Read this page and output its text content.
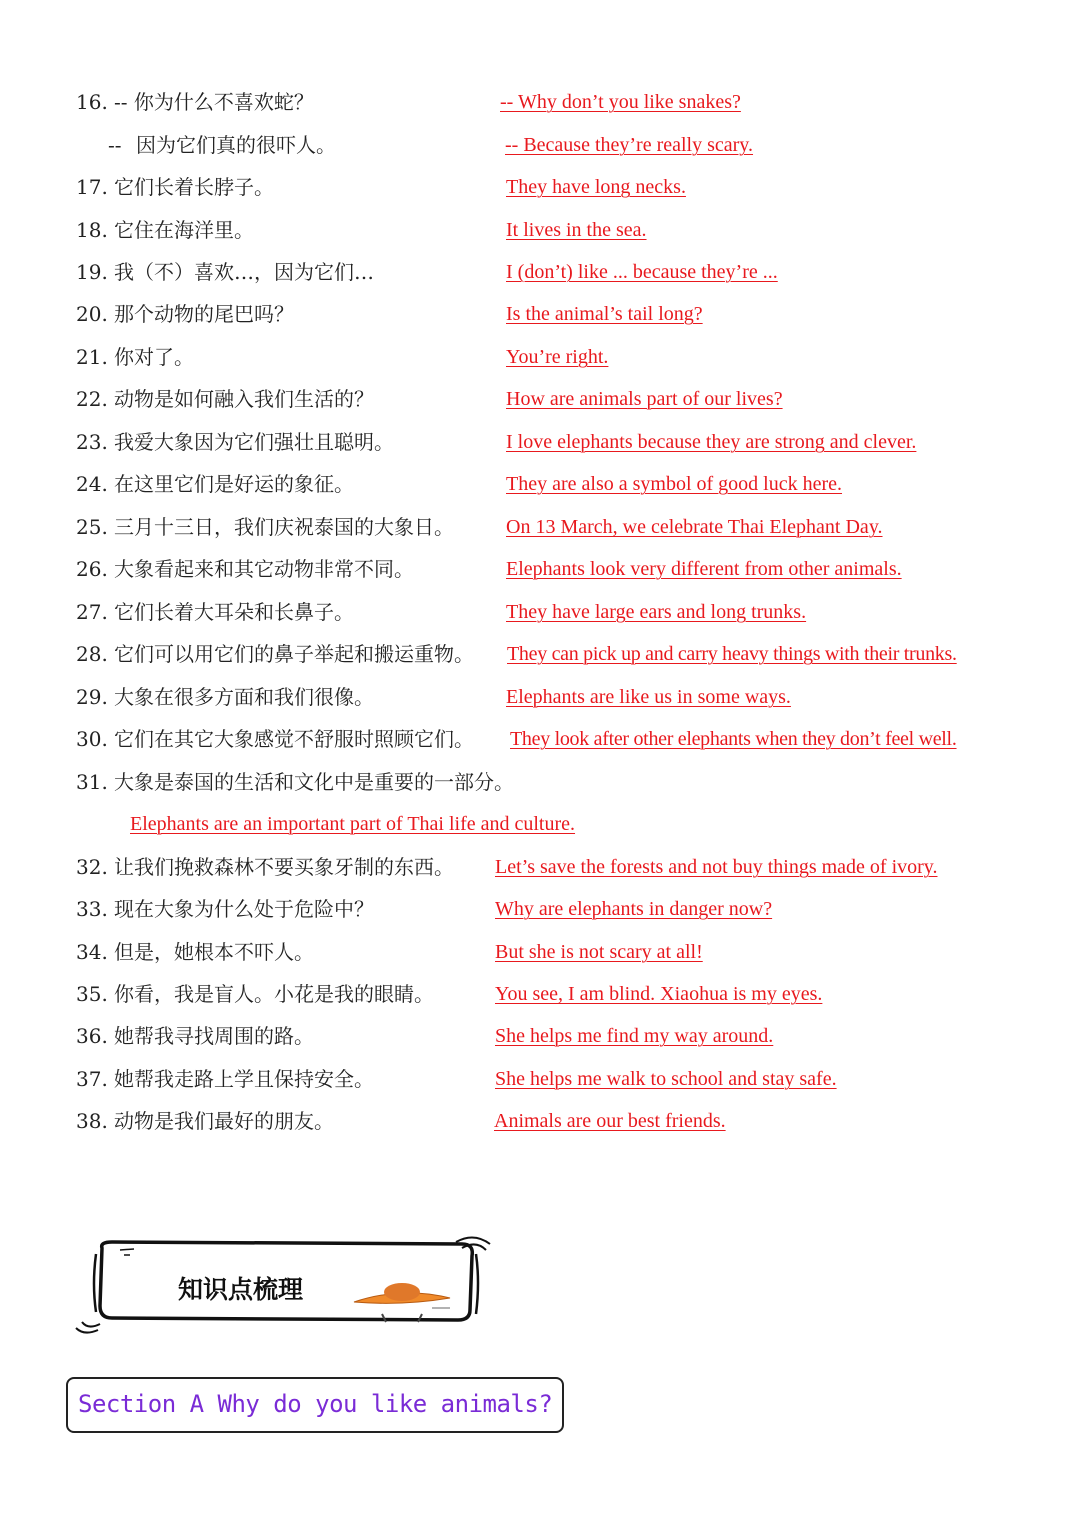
16. -- 你为什么不喜欢蛇？	-- Why don’t you like snakes?
-- 因为它们真的很吓人。	-- Because they’re really scary.
17. 它们长着长脖子。	They have long necks.
18. 它住在海洋里。	It lives in the sea.
19. 我（不）喜欢…，因为它们…	I (don’t) like ... because they’re ...
20. 那个动物的尾巴吗？	Is the animal’s tail long?
21. 你对了。	You’re right.
22. 动物是如何融入我们生活的？	How are animals part of our lives?
23. 我爱大象因为它们强壮且聪明。	I love elephants because they are strong and clever.
24. 在这里它们是好运的象征。	They are also a symbol of good luck here.
25. 三月十三日，我们庆祝泰国的大象日。	On 13 March, we celebrate Thai Elephant Day.
26. 大象看起来和其它动物非常不同。	Elephants look very different from other animals.
27. 它们长着大耳朵和长鼻子。	They have large ears and long trunks.
28. 它们可以用它们的鼻子举起和搬运重物。 They can pick up and carry heavy things with their trunks.
29. 大象在很多方面和我们很像。	Elephants are like us in some ways.
30. 它们在其它大象感觉不舒服时照顾它们。 They look after other elephants when they don’t feel well.
31. 大象是泰国的生活和文化中是重要的一部分。
Elephants are an important part of Thai life and culture.
32. 让我们挽救森林不要买象牙制的东西。 Let’s save the forests and not buy things made of ivory.
33. 现在大象为什么处于危险中？	Why are elephants in danger now?
34. 但是，她根本不吓人。	But she is not scary at all!
35. 你看，我是盲人。小花是我的眼睛。	You see, I am blind. Xiaohua is my eyes.
36. 她帮我寻找周围的路。	She helps me find my way around.
37. 她帮我走路上学且保持安全。	She helps me walk to school and stay safe.
38. 动物是我们最好的朋友。	Animals are our best friends.
知识点梳理
Section A Why do you like animals?
